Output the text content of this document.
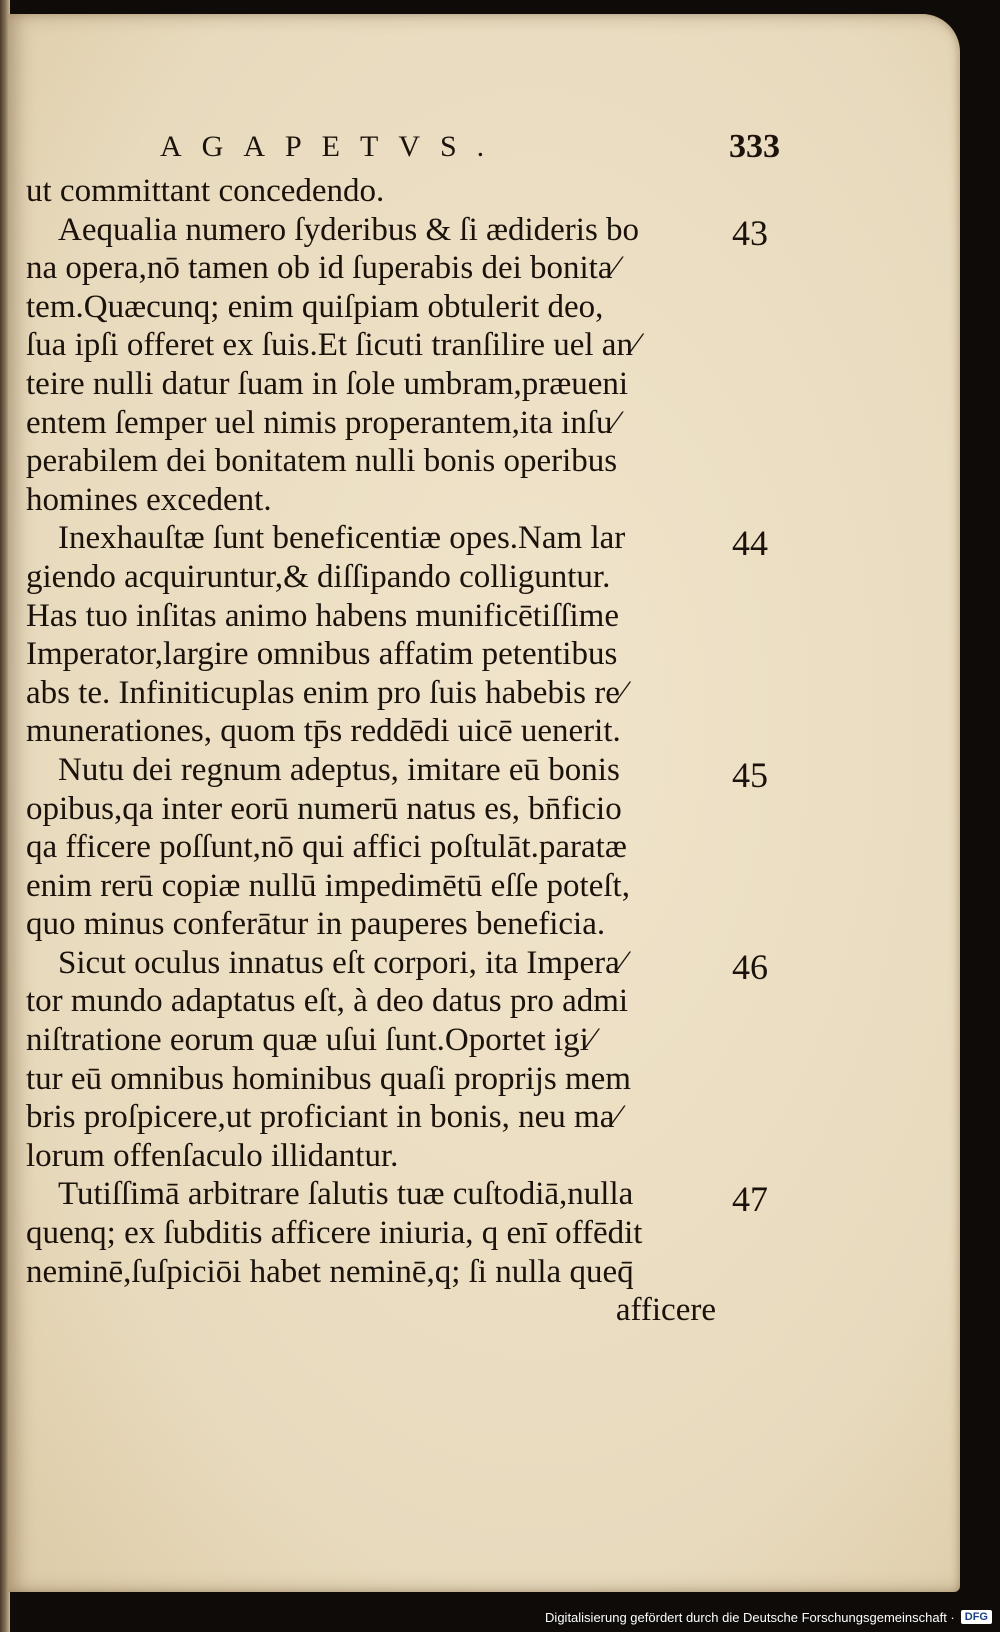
AGAPETVS.	333
ut committant concedendo.
Aequalia numero ſyderibus & ſi ædideris bo
na opera,nō tamen ob id ſuperabis dei bonita⁄
tem.Quæcunq; enim quiſpiam obtulerit deo,
ſua ipſi offeret ex ſuis.Et ſicuti tranſilire uel an⁄
teire nulli datur ſuam in ſole umbram,præueni
entem ſemper uel nimis properantem,ita inſu⁄
perabilem dei bonitatem nulli bonis operibus
homines excedent.
Inexhauſtæ ſunt beneficentiæ opes.Nam lar
giendo acquiruntur,& diſſipando colliguntur.
Has tuo inſitas animo habens munificētiſſime
Imperator,largire omnibus affatim petentibus
abs te. Infiniticuplas enim pro ſuis habebis re⁄
munerationes, quom tp̄s reddēdi uicē uenerit.
Nutu dei regnum adeptus, imitare eū bonis
opibus,qa inter eorū numerū natus es, bn̄ficio
qa fficere poſſunt,nō qui affici poſtulāt.paratæ
enim rerū copiæ nullū impedimētū eſſe poteſt,
quo minus conferātur in pauperes beneficia.
Sicut oculus innatus eſt corpori, ita Impera⁄
tor mundo adaptatus eſt, à deo datus pro admi
niſtratione eorum quæ uſui ſunt.Oportet igi⁄
tur eū omnibus hominibus quaſi proprijs mem
bris proſpicere,ut proficiant in bonis, neu ma⁄
lorum offenſaculo illidantur.
Tutiſſimā arbitrare ſalutis tuæ cuſtodiā,nulla
quenq; ex ſubditis afficere iniuria, q enī offēdit
neminē,ſuſpiciōi habet neminē,q; ſi nulla queq̄
afficere
43
44
45
46
47
Digitalisierung gefördert durch die Deutsche Forschungsgemeinschaft · DFG
